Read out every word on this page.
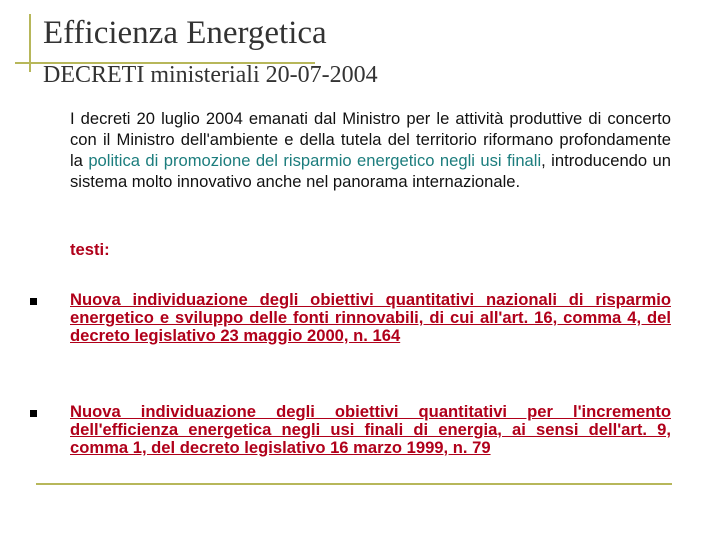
Efficienza Energetica
DECRETI ministeriali 20-07-2004
I decreti 20 luglio 2004 emanati dal Ministro per le attività produttive di concerto con il Ministro dell'ambiente e della tutela del territorio riformano profondamente la politica di promozione del risparmio energetico negli usi finali, introducendo un sistema molto innovativo anche nel panorama internazionale.
testi:
Nuova individuazione degli obiettivi quantitativi nazionali di risparmio energetico e sviluppo delle fonti rinnovabili, di cui all'art. 16, comma 4, del decreto legislativo 23 maggio 2000, n. 164
Nuova individuazione degli obiettivi quantitativi per l'incremento dell'efficienza energetica negli usi finali di energia, ai sensi dell'art. 9, comma 1, del decreto legislativo 16 marzo 1999, n. 79
